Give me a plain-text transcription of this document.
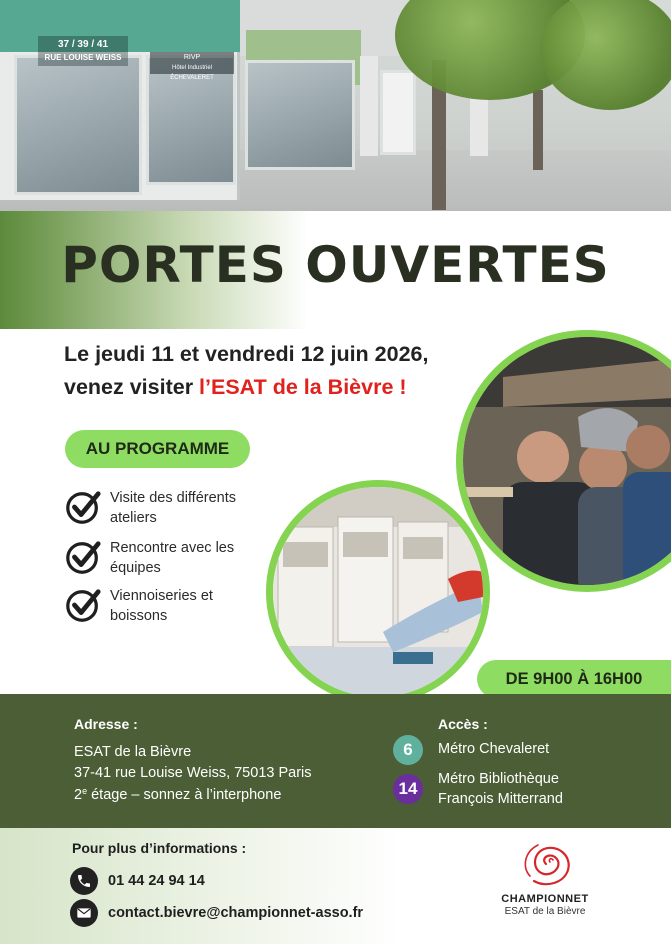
37 / 39 / 41
RUE LOUISE WEISS	RIVP
Hôtel Industriel ÉCHEVALERET
PORTES OUVERTES
Le jeudi 11 et vendredi 12 juin 2026,
venez visiter l’ESAT de la Bièvre !
AU PROGRAMME
Visite des différents ateliers
Rencontre avec les équipes
Viennoiseries et boissons
DE 9H00 À 16H00
Adresse :
ESAT de la Bièvre
37-41 rue Louise Weiss, 75013 Paris
2e étage – sonnez à l’interphone
Accès :
6	Métro Chevaleret
14	Métro Bibliothèque
François Mitterrand
Pour plus d’informations :
01 44 24 94 14
contact.bievre@championnet-asso.fr
CHAMPIONNET
ESAT de la Bièvre
